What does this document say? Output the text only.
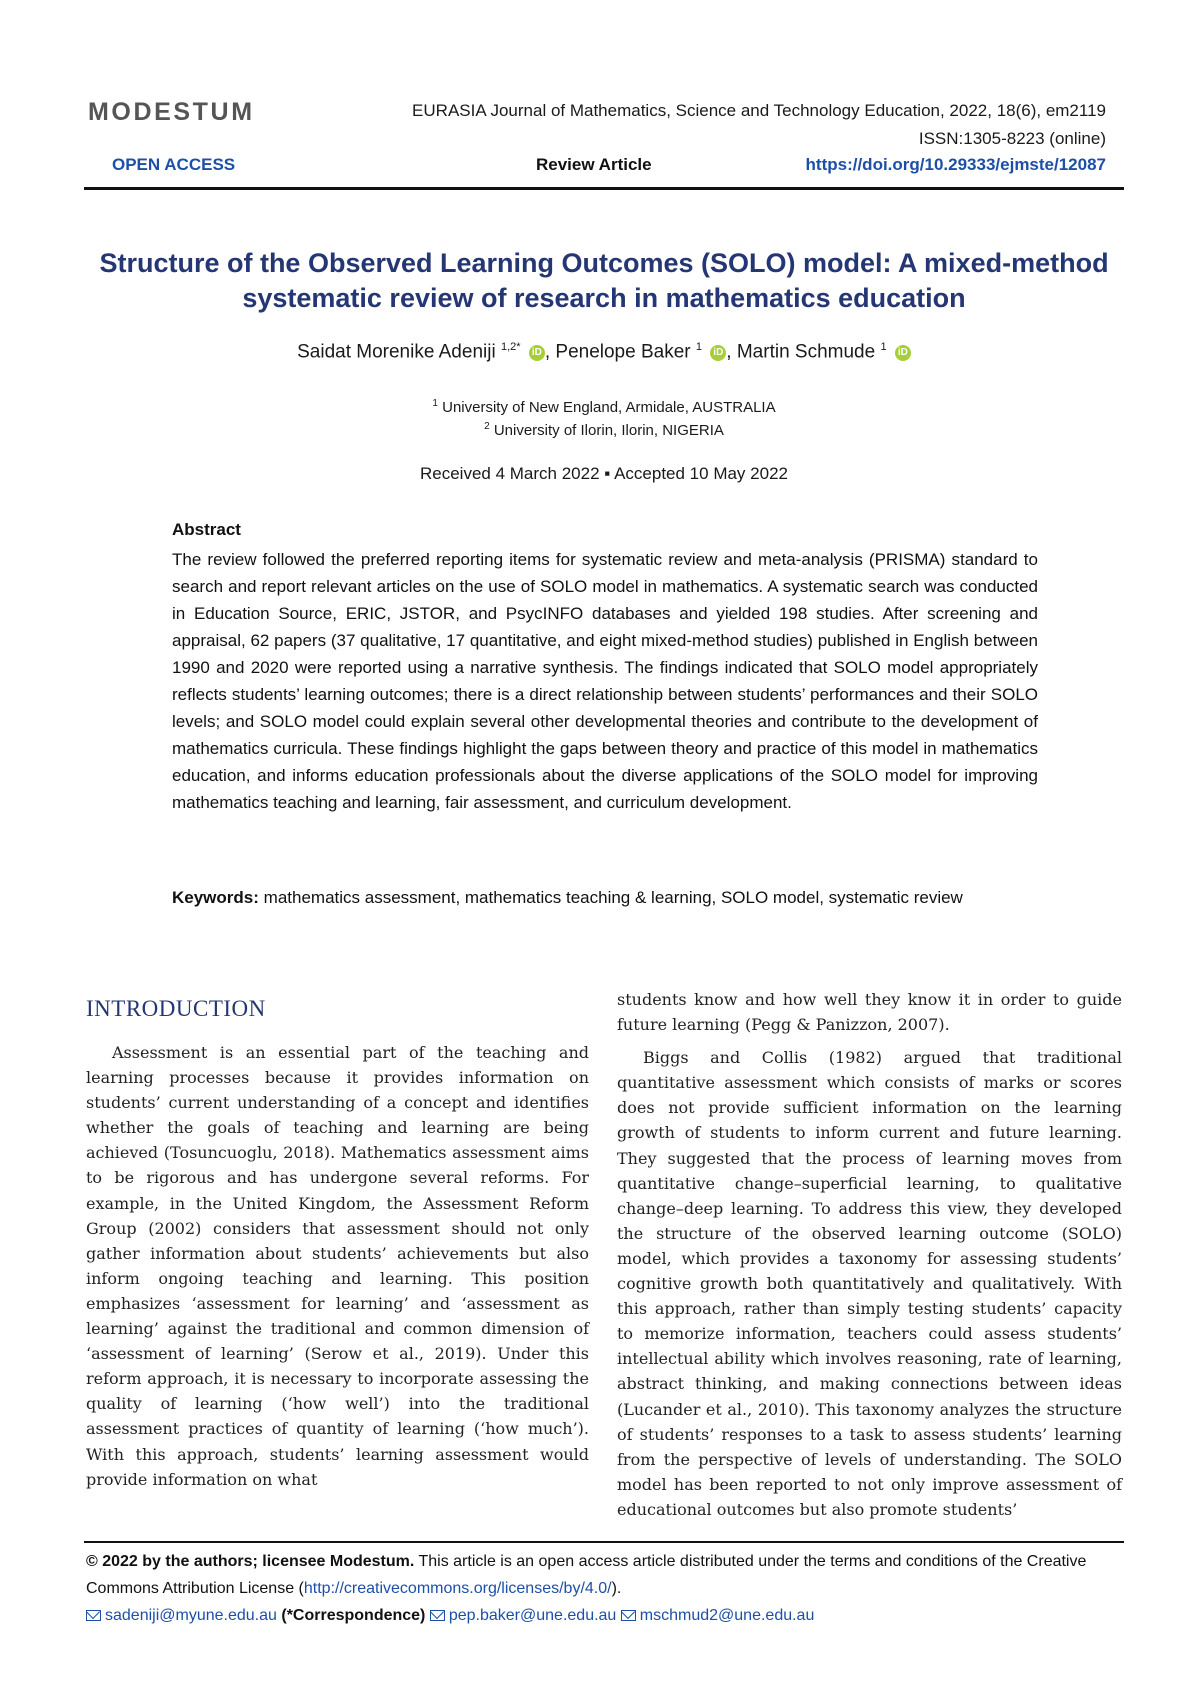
MODESTUM	EURASIA Journal of Mathematics, Science and Technology Education, 2022, 18(6), em2119
ISSN:1305-8223 (online)
OPEN ACCESS	Review Article	https://doi.org/10.29333/ejmste/12087
Structure of the Observed Learning Outcomes (SOLO) model: A mixed-method
systematic review of research in mathematics education
Saidat Morenike Adeniji $^{1,2*}$ iD , Penelope Baker $^1$ iD , Martin Schmude $^1$ iD
$^1$ University of New England, Armidale, AUSTRALIA
$^2$ University of Ilorin, Ilorin, NIGERIA
Received 4 March 2022 ▪ Accepted 10 May 2022
Abstract
The review followed the preferred reporting items for systematic review and meta-analysis (PRISMA) standard to search and report relevant articles on the use of SOLO model in mathematics. A systematic search was conducted in Education Source, ERIC, JSTOR, and PsycINFO databases and yielded 198 studies. After screening and appraisal, 62 papers (37 qualitative, 17 quantitative, and eight mixed-method studies) published in English between 1990 and 2020 were reported using a narrative synthesis. The findings indicated that SOLO model appropriately reflects students’ learning outcomes; there is a direct relationship between students’ performances and their SOLO levels; and SOLO model could explain several other developmental theories and contribute to the development of mathematics curricula. These findings highlight the gaps between theory and practice of this model in mathematics education, and informs education professionals about the diverse applications of the SOLO model for improving mathematics teaching and learning, fair assessment, and curriculum development.
Keywords: mathematics assessment, mathematics teaching & learning, SOLO model, systematic review
INTRODUCTION

Assessment is an essential part of the teaching and learning processes because it provides information on students’ current understanding of a concept and identifies whether the goals of teaching and learning are being achieved (Tosuncuoglu, 2018). Mathematics assessment aims to be rigorous and has undergone several reforms. For example, in the United Kingdom, the Assessment Reform Group (2002) considers that assessment should not only gather information about students’ achievements but also inform ongoing teaching and learning. This position emphasizes ‘assessment for learning’ and ‘assessment as learning’ against the traditional and common dimension of ‘assessment of learning’ (Serow et al., 2019). Under this reform approach, it is necessary to incorporate assessing the quality of learning (‘how well’) into the traditional assessment practices of quantity of learning (‘how much’). With this approach, students’ learning assessment would provide information on what

students know and how well they know it in order to guide future learning (Pegg & Panizzon, 2007).

Biggs and Collis (1982) argued that traditional quantitative assessment which consists of marks or scores does not provide sufficient information on the learning growth of students to inform current and future learning. They suggested that the process of learning moves from quantitative change–superficial learning, to qualitative change–deep learning. To address this view, they developed the structure of the observed learning outcome (SOLO) model, which provides a taxonomy for assessing students’ cognitive growth both quantitatively and qualitatively. With this approach, rather than simply testing students’ capacity to memorize information, teachers could assess students’ intellectual ability which involves reasoning, rate of learning, abstract thinking, and making connections between ideas (Lucander et al., 2010). This taxonomy analyzes the structure of students’ responses to a task to assess students’ learning from the perspective of levels of understanding. The SOLO model has been reported to not only improve assessment of educational outcomes but also promote students’

© 2022 by the authors; licensee Modestum. This article is an open access article distributed under the terms and conditions of the Creative Commons Attribution License (http://creativecommons.org/licenses/by/4.0/).
sadeniji@myune.edu.au (*Correspondence) pep.baker@une.edu.au mschmud2@une.edu.au
